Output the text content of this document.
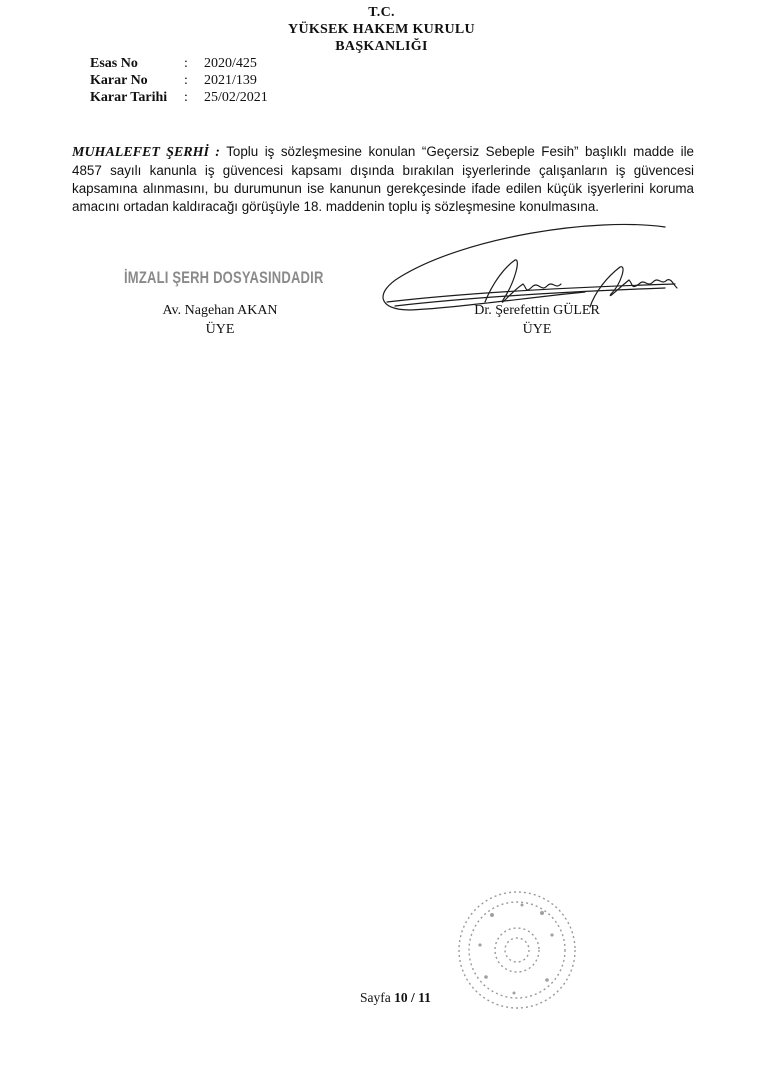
T.C.
YÜKSEK HAKEM KURULU
BAŞKANLIĞI
Esas No	: 2020/425
Karar No	: 2021/139
Karar Tarihi : 25/02/2021
MUHALEFET ŞERHİ : Toplu iş sözleşmesine konulan “Geçersiz Sebeple Fesih” başlıklı madde ile 4857 sayılı kanunla iş güvencesi kapsamı dışında bırakılan işyerlerinde çalışanların iş güvencesi kapsamına alınmasını, bu durumunun ise kanunun gerekçesinde ifade edilen küçük işyerlerini koruma amacını ortadan kaldıracağı görüşüyle 18. maddenin toplu iş sözleşmesine konulmasına.
İMZALI ŞERH DOSYASINDADIR
Av. Nagehan AKAN
ÜYE
Dr. Şerefettin GÜLER
ÜYE
Sayfa 10 / 11
